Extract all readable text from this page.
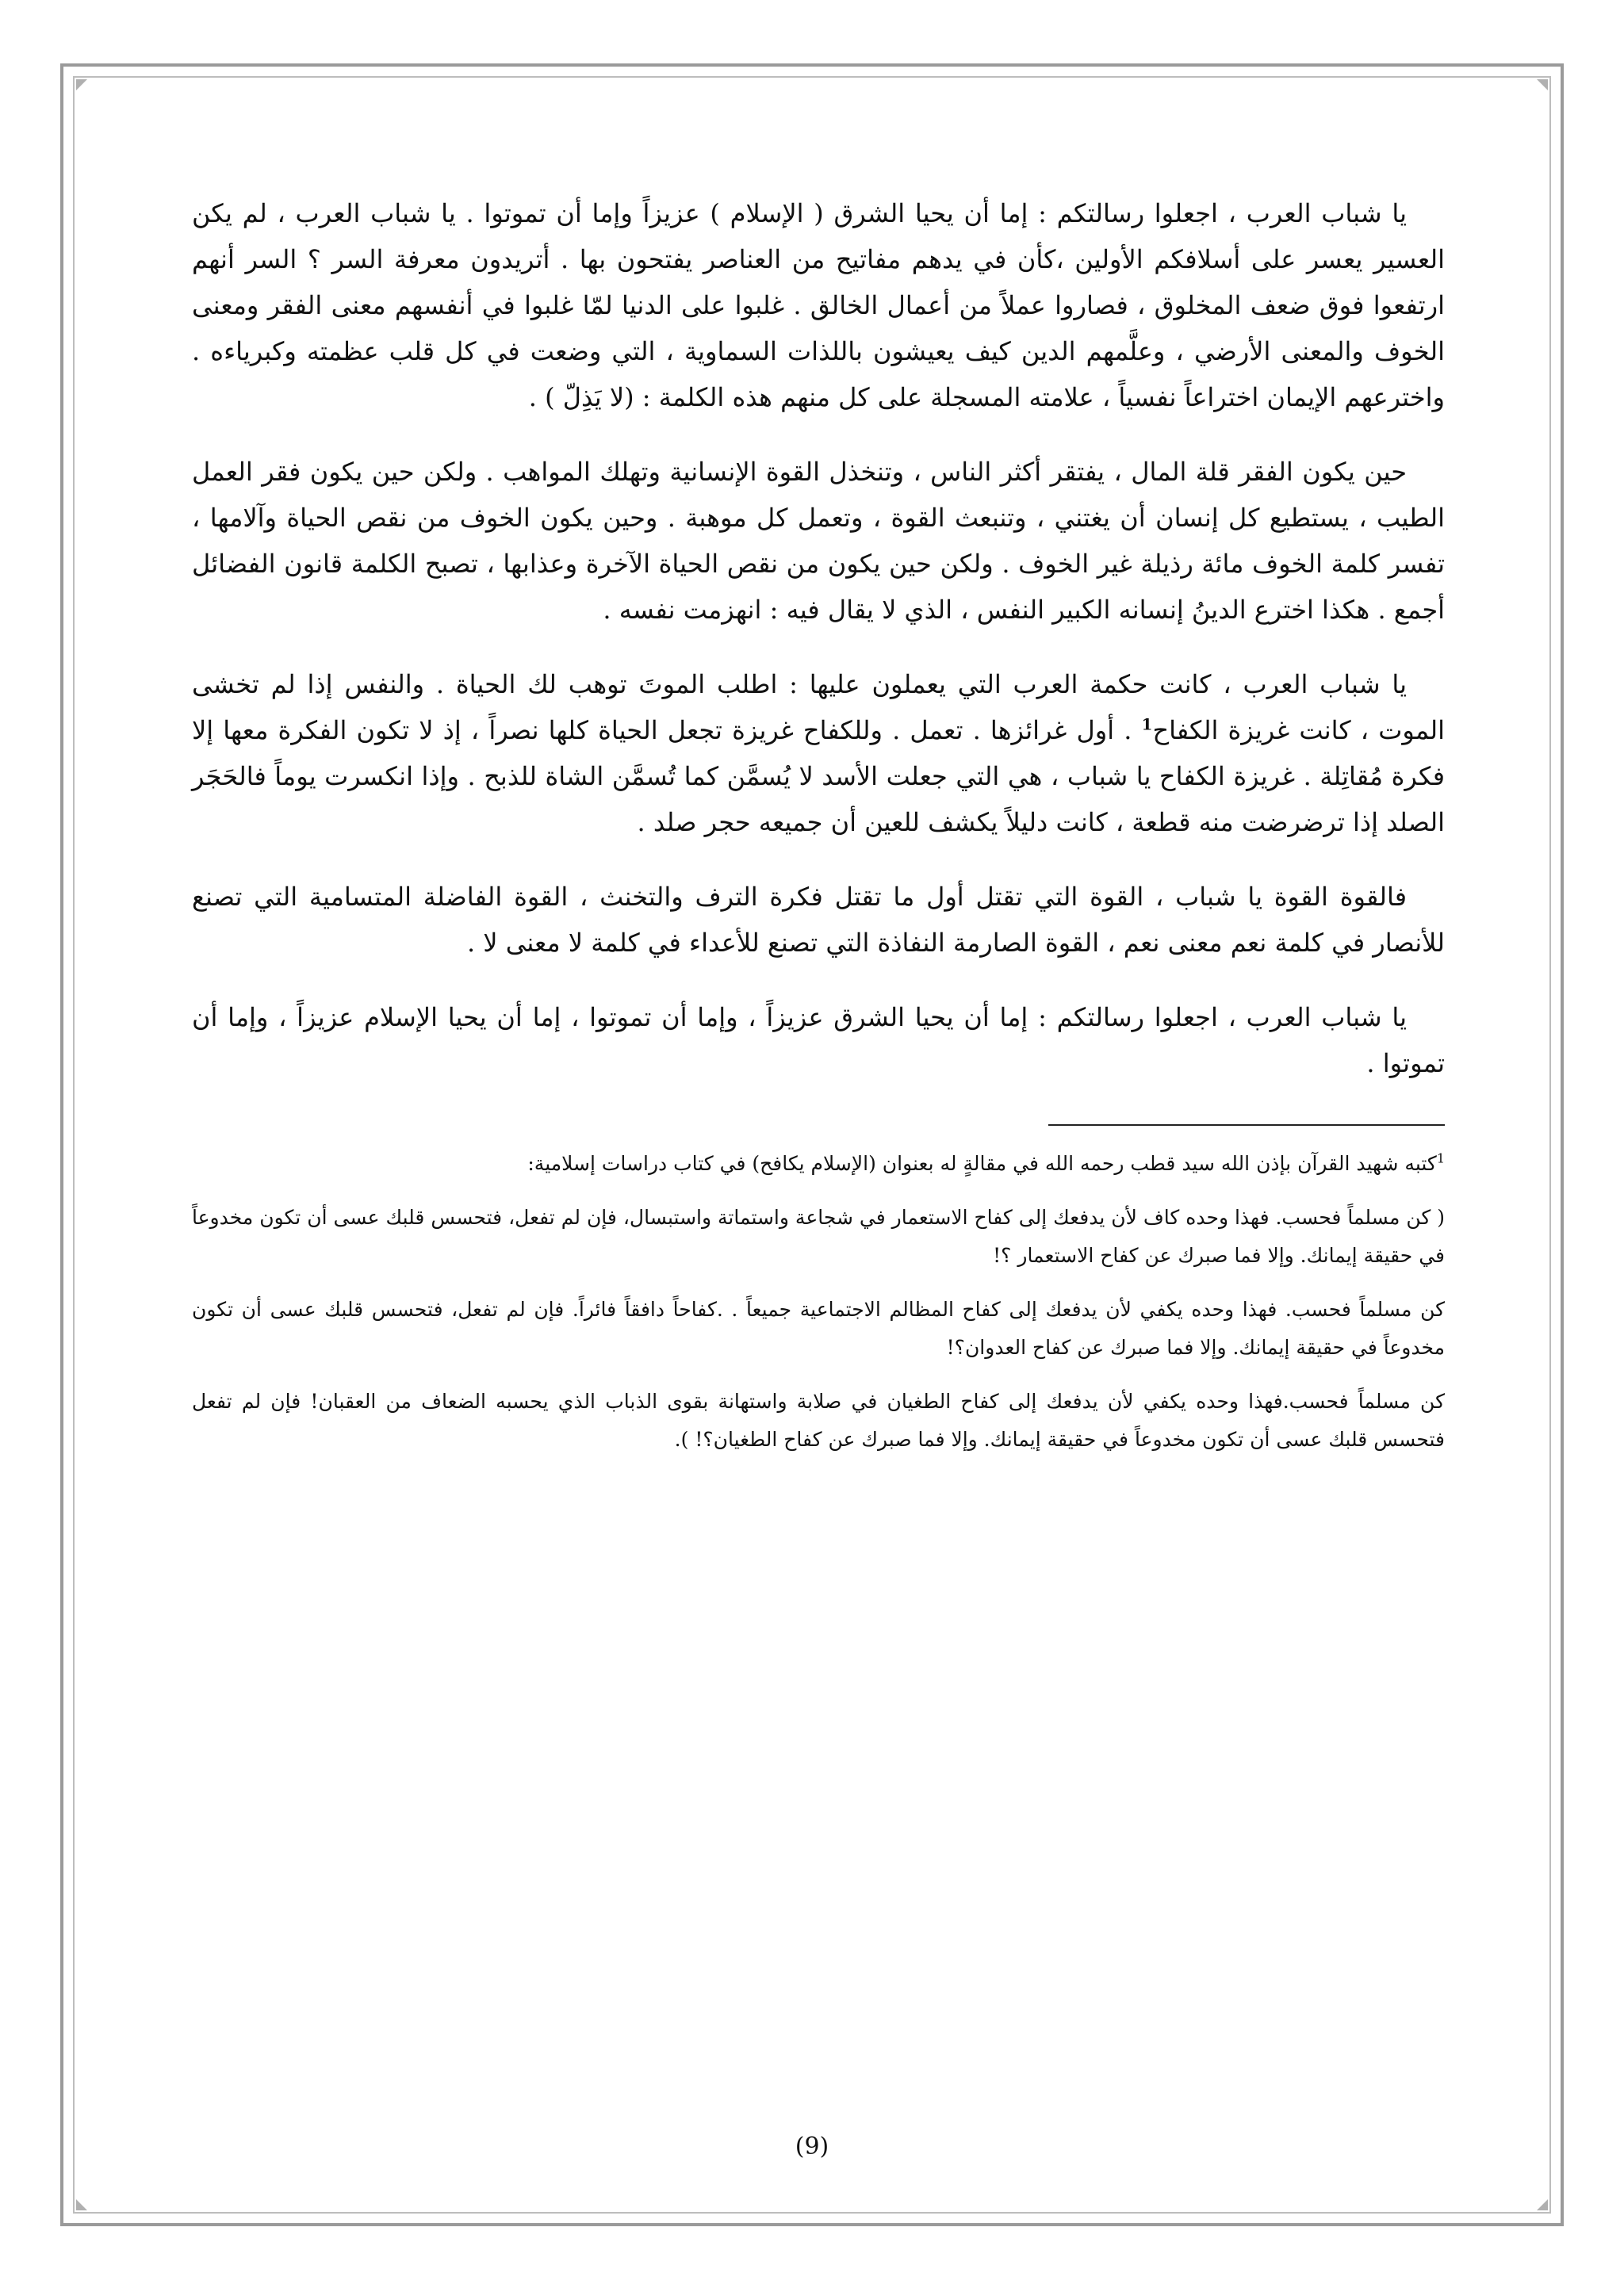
يا شباب العرب ، اجعلوا رسالتكم : إما أن يحيا الشرق ( الإسلام ) عزيزاً وإما أن تموتوا . يا شباب العرب ، لم يكن العسير يعسر على أسلافكم الأولين ،كأن في يدهم مفاتيح من العناصر يفتحون بها . أتريدون معرفة السر ؟ السر أنهم ارتفعوا فوق ضعف المخلوق ، فصاروا عملاً من أعمال الخالق . غلبوا على الدنيا لمّا غلبوا في أنفسهم معنى الفقر ومعنى الخوف والمعنى الأرضي ، وعلَّمهم الدين كيف يعيشون باللذات السماوية ، التي وضعت في كل قلب عظمته وكبرياءه . واخترعهم الإيمان اختراعاً نفسياً ، علامته المسجلة على كل منهم هذه الكلمة : (لا يَذِلّ ) .

حين يكون الفقر قلة المال ، يفتقر أكثر الناس ، وتنخذل القوة الإنسانية وتهلك المواهب . ولكن حين يكون فقر العمل الطيب ، يستطيع كل إنسان أن يغتني ، وتنبعث القوة ، وتعمل كل موهبة . وحين يكون الخوف من نقص الحياة وآلامها ، تفسر كلمة الخوف مائة رذيلة غير الخوف . ولكن حين يكون من نقص الحياة الآخرة وعذابها ، تصبح الكلمة قانون الفضائل أجمع . هكذا اخترع الدينُ إنسانه الكبير النفس ، الذي لا يقال فيه : انهزمت نفسه .

يا شباب العرب ، كانت حكمة العرب التي يعملون عليها : اطلب الموتَ توهب لك الحياة . والنفس إذا لم تخشى الموت ، كانت غريزة الكفاح$^1$ . أول غرائزها . تعمل . وللكفاح غريزة تجعل الحياة كلها نصراً ، إذ لا تكون الفكرة معها إلا فكرة مُقاتِلة . غريزة الكفاح يا شباب ، هي التي جعلت الأسد لا يُسمَّن كما تُسمَّن الشاة للذبح . وإذا انكسرت يوماً فالحَجَر الصلد إذا ترضرضت منه قطعة ، كانت دليلاً يكشف للعين أن جميعه حجر صلد .

فالقوة القوة يا شباب ، القوة التي تقتل أول ما تقتل فكرة الترف والتخنث ، القوة الفاضلة المتسامية التي تصنع للأنصار في كلمة نعم معنى نعم ، القوة الصارمة النفاذة التي تصنع للأعداء في كلمة لا معنى لا .

يا شباب العرب ، اجعلوا رسالتكم : إما أن يحيا الشرق عزيزاً ، وإما أن تموتوا ، إما أن يحيا الإسلام عزيزاً ، وإما أن تموتوا .

$^1$كتبه شهيد القرآن بإذن الله سيد قطب رحمه الله في مقالةٍ له بعنوان (الإسلام يكافح) في كتاب دراسات إسلامية:

( كن مسلماً فحسب. فهذا وحده كاف لأن يدفعك إلى كفاح الاستعمار في شجاعة واستماتة واستبسال، فإن لم تفعل، فتحسس قلبك عسى أن تكون مخدوعاً في حقيقة إيمانك. وإلا فما صبرك عن كفاح الاستعمار ؟!

كن مسلماً فحسب. فهذا وحده يكفي لأن يدفعك إلى كفاح المظالم الاجتماعية جميعاً . .كفاحاً دافقاً فائراً. فإن لم تفعل، فتحسس قلبك عسى أن تكون مخدوعاً في حقيقة إيمانك. وإلا فما صبرك عن كفاح العدوان؟!

كن مسلماً فحسب.فهذا وحده يكفي لأن يدفعك إلى كفاح الطغيان في صلابة واستهانة بقوى الذباب الذي يحسبه الضعاف من العقبان! فإن لم تفعل فتحسس قلبك عسى أن تكون مخدوعاً في حقيقة إيمانك. وإلا فما صبرك عن كفاح الطغيان؟! ).

(9)
